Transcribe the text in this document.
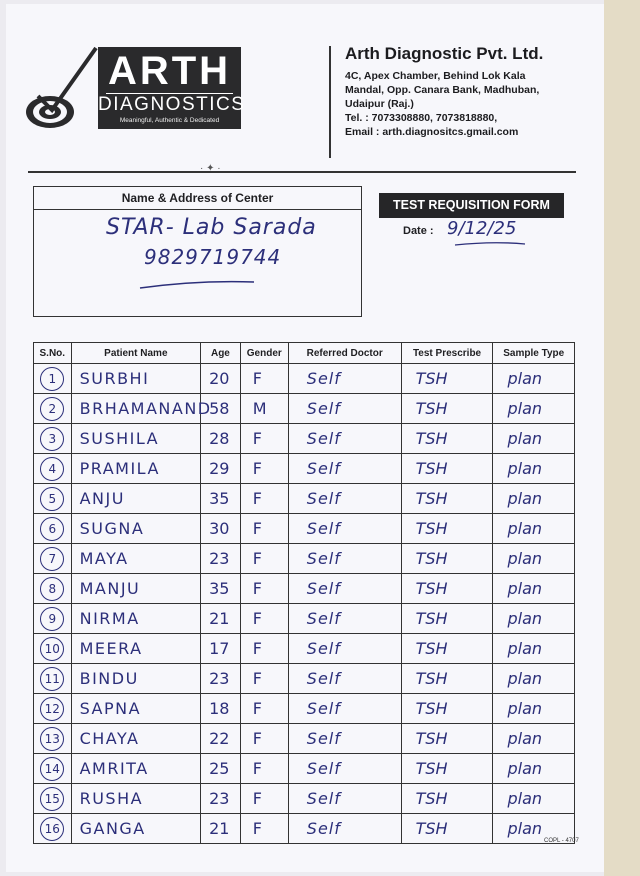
ARTH
DIAGNOSTICS
Meaningful, Authentic & Dedicated
Arth Diagnostic Pvt. Ltd.
4C, Apex Chamber, Behind Lok Kala
Mandal, Opp. Canara Bank, Madhuban,
Udaipur (Raj.)
Tel. : 7073308880, 7073818880,
Email : arth.diagnositcs.gmail.com
· ✦ ·
Name & Address of Center
STAR- Lab Sarada
9829719744
TEST REQUISITION FORM
Date : 9/12/25
S.No.	Patient Name	Age	Gender	Referred Doctor	Test Prescribe	Sample Type
1	SURBHI	20	F	Self	TSH	plan
2	BRHAMANAND	58	M	Self	TSH	plan
3	SUSHILA	28	F	Self	TSH	plan
4	PRAMILA	29	F	Self	TSH	plan
5	ANJU	35	F	Self	TSH	plan
6	SUGNA	30	F	Self	TSH	plan
7	MAYA	23	F	Self	TSH	plan
8	MANJU	35	F	Self	TSH	plan
9	NIRMA	21	F	Self	TSH	plan
10	MEERA	17	F	Self	TSH	plan
11	BINDU	23	F	Self	TSH	plan
12	SAPNA	18	F	Self	TSH	plan
13	CHAYA	22	F	Self	TSH	plan
14	AMRITA	25	F	Self	TSH	plan
15	RUSHA	23	F	Self	TSH	plan
16	GANGA	21	F	Self	TSH	plan
COPL - 4707
